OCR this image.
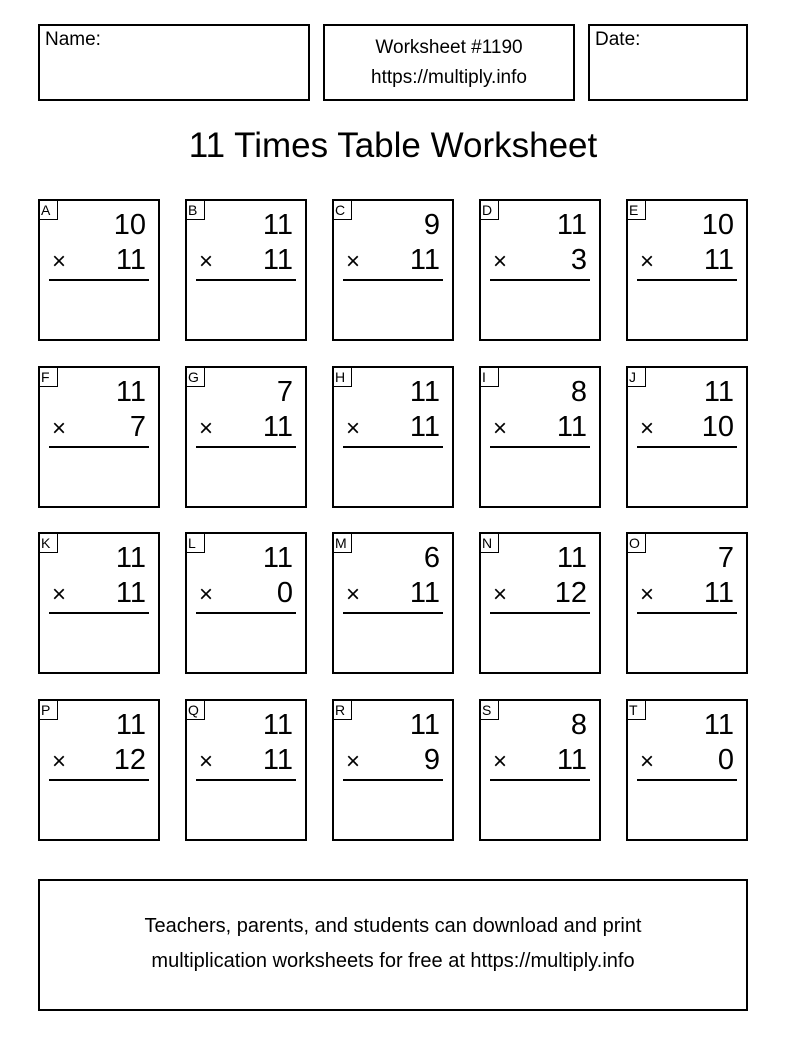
Name:	Worksheet #1190
https://multiply.info
Date:
11 Times Table Worksheet
A 10
× 11
B 11
× 11
C	9
× 11
D 11
× 3
E 10
× 11
F 11
× 7
G	7
× 11
H 11
× 11
I	8
× 11
J	11
× 10
K 11
× 11
L	11
× 0
M	6
× 11
N 11
× 12
O	7
× 11
P 11
× 12
Q 11
× 11
R 11
× 9
S	8
× 11
T 11
× 0
Teachers, parents, and students can download and print
multiplication worksheets for free at https://multiply.info
